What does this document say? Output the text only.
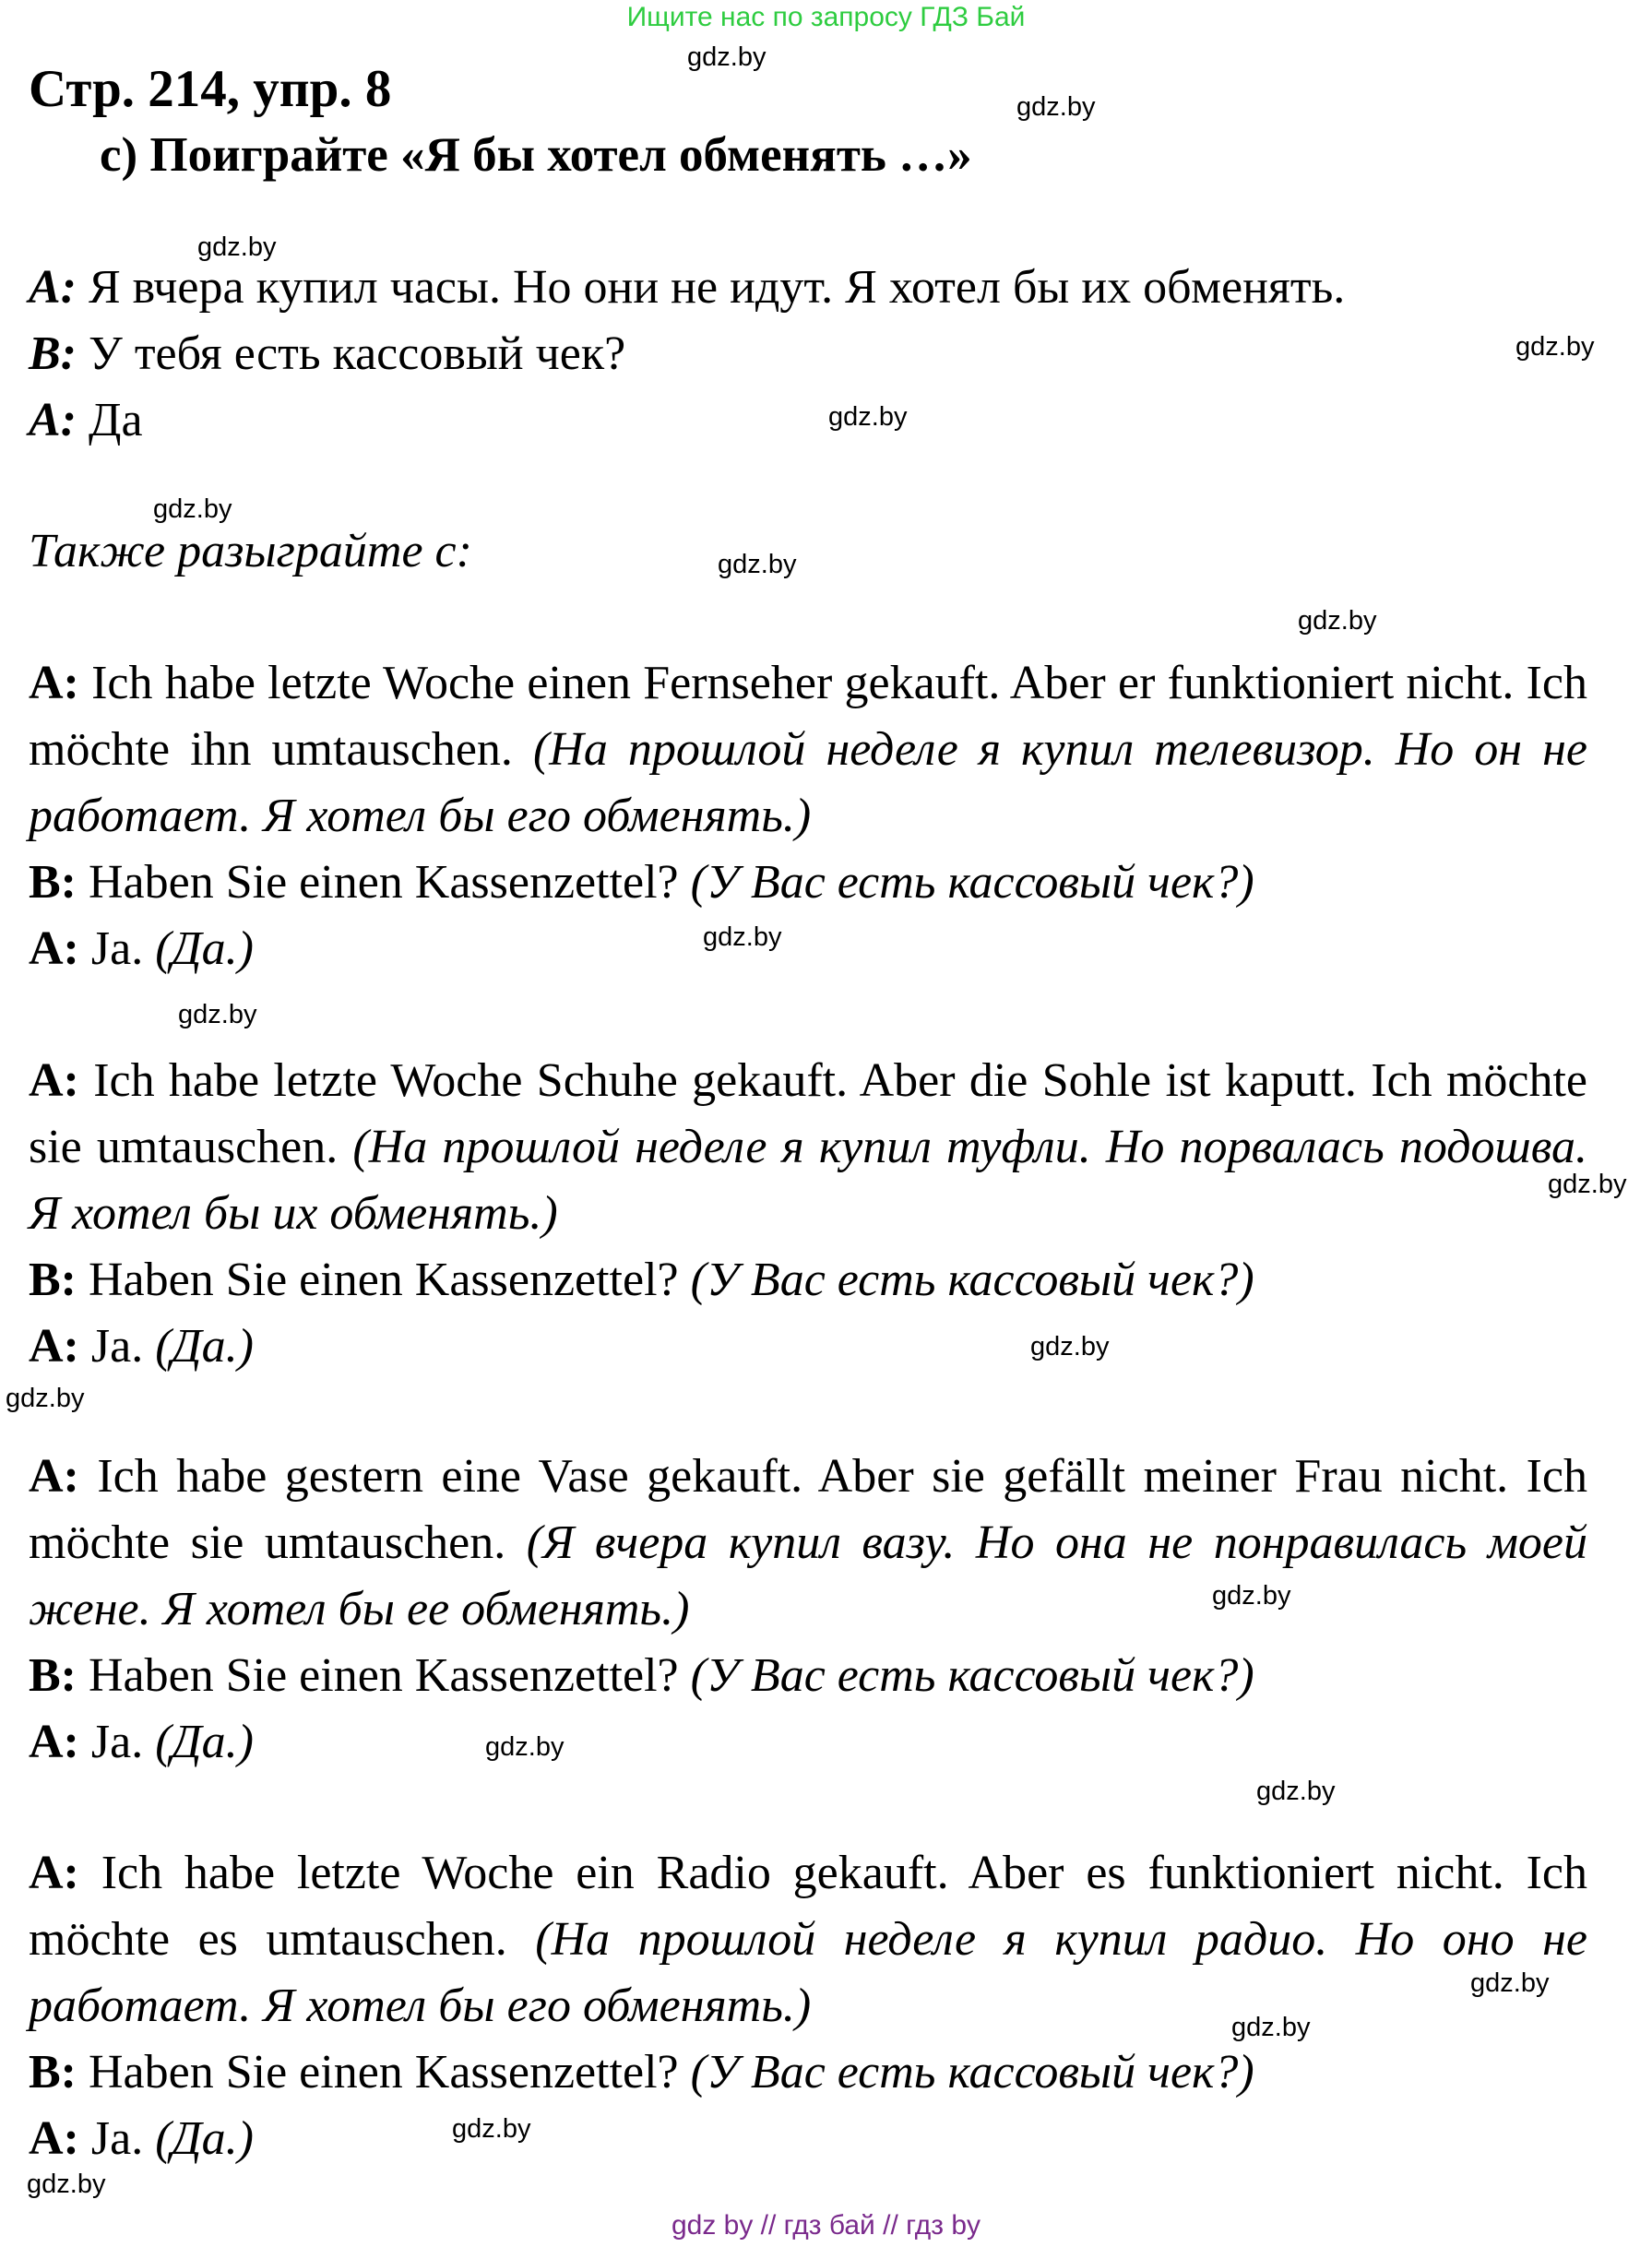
Ищите нас по запросу ГДЗ Бай
Стр. 214, упр. 8
c) Поиграйте «Я бы хотел обменять …»
A: Я вчера купил часы. Но они не идут. Я хотел бы их обменять.
B: У тебя есть кассовый чек?
A: Да
Также разыграйте с:
A: Ich habe letzte Woche einen Fernseher gekauft. Aber er funktioniert nicht. Ich möchte ihn umtauschen. (На прошлой неделе я купил телевизор. Но он не работает. Я хотел бы его обменять.)
B: Haben Sie einen Kassenzettel? (У Вас есть кассовый чек?)
A: Ja. (Да.)
A: Ich habe letzte Woche Schuhe gekauft. Aber die Sohle ist kaputt. Ich möchte sie umtauschen. (На прошлой неделе я купил туфли. Но порвалась подошва. Я хотел бы их обменять.)
B: Haben Sie einen Kassenzettel? (У Вас есть кассовый чек?)
A: Ja. (Да.)
A: Ich habe gestern eine Vase gekauft. Aber sie gefällt meiner Frau nicht. Ich möchte sie umtauschen. (Я вчера купил вазу. Но она не понравилась моей жене. Я хотел бы ее обменять.)
B: Haben Sie einen Kassenzettel? (У Вас есть кассовый чек?)
A: Ja. (Да.)
A: Ich habe letzte Woche ein Radio gekauft. Aber es funktioniert nicht. Ich möchte es umtauschen. (На прошлой неделе я купил радио. Но оно не работает. Я хотел бы его обменять.)
B: Haben Sie einen Kassenzettel? (У Вас есть кассовый чек?)
A: Ja. (Да.)
gdz.by
gdz.by
gdz.by
gdz.by
gdz.by
gdz.by
gdz.by
gdz.by
gdz.by
gdz.by
gdz.by
gdz.by
gdz.by
gdz.by
gdz.by
gdz.by
gdz.by
gdz.by
gdz.by
gdz.by
gdz by // гдз бай // гдз by
